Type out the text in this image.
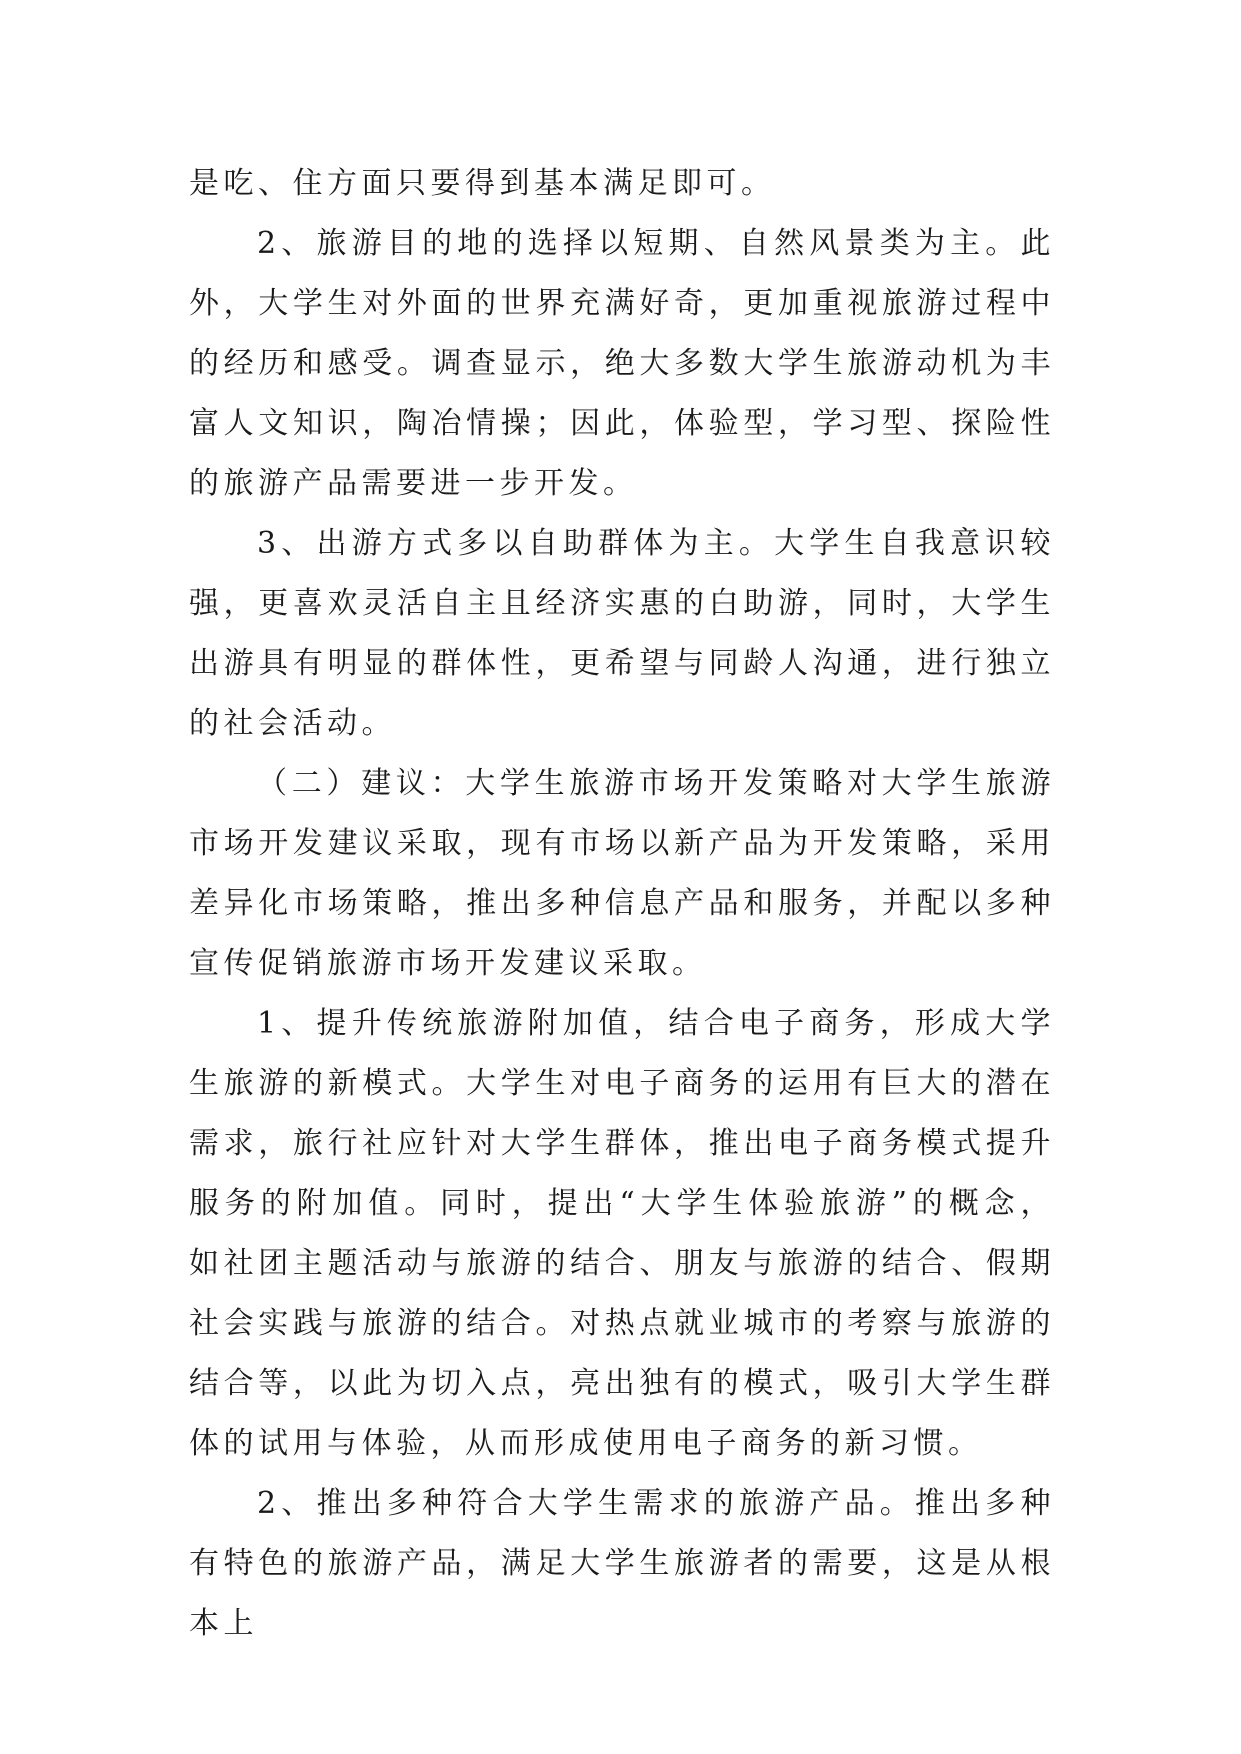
是吃、住方面只要得到基本满足即可。

2、旅游目的地的选择以短期、自然风景类为主。此外，大学生对外面的世界充满好奇，更加重视旅游过程中的经历和感受。调查显示，绝大多数大学生旅游动机为丰富人文知识，陶冶情操；因此，体验型，学习型、探险性的旅游产品需要进一步开发。

3、出游方式多以自助群体为主。大学生自我意识较强，更喜欢灵活自主且经济实惠的白助游，同时，大学生出游具有明显的群体性，更希望与同龄人沟通，进行独立的社会活动。

（二）建议：大学生旅游市场开发策略对大学生旅游市场开发建议采取，现有市场以新产品为开发策略，采用差异化市场策略，推出多种信息产品和服务，并配以多种宣传促销旅游市场开发建议采取。

1、提升传统旅游附加值，结合电子商务，形成大学生旅游的新模式。大学生对电子商务的运用有巨大的潜在需求，旅行社应针对大学生群体，推出电子商务模式提升服务的附加值。同时，提出“大学生体验旅游”的概念，如社团主题活动与旅游的结合、朋友与旅游的结合、假期社会实践与旅游的结合。对热点就业城市的考察与旅游的结合等，以此为切入点，亮出独有的模式，吸引大学生群体的试用与体验，从而形成使用电子商务的新习惯。

2、推出多种符合大学生需求的旅游产品。推出多种有特色的旅游产品，满足大学生旅游者的需要，这是从根本上
